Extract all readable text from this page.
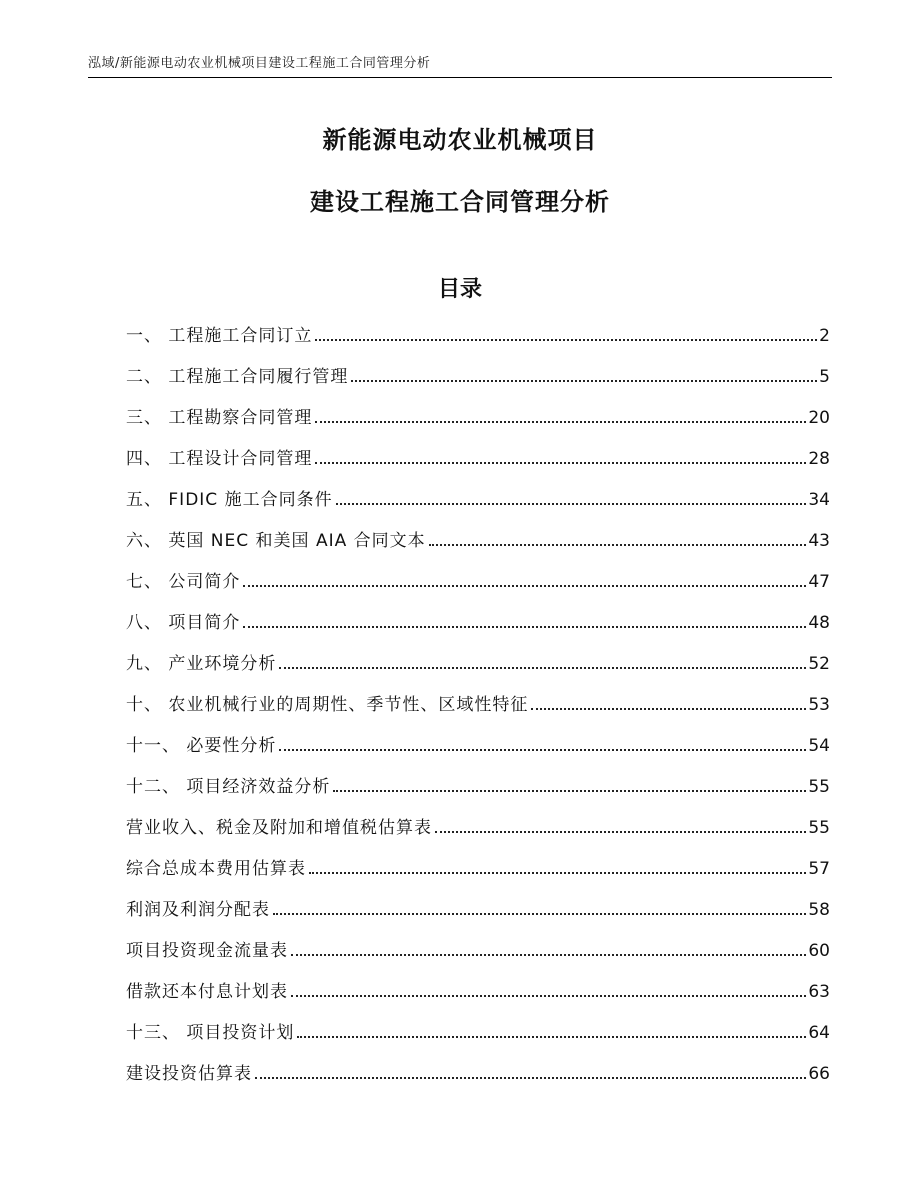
泓域/新能源电动农业机械项目建设工程施工合同管理分析
新能源电动农业机械项目
建设工程施工合同管理分析
目录
一、 工程施工合同订立	2
二、 工程施工合同履行管理	5
三、 工程勘察合同管理	20
四、 工程设计合同管理	28
五、 FIDIC 施工合同条件	34
六、 英国 NEC 和美国 AIA 合同文本	43
七、 公司简介	47
八、 项目简介	48
九、 产业环境分析	52
十、 农业机械行业的周期性、季节性、区域性特征	53
十一、 必要性分析	54
十二、 项目经济效益分析	55
营业收入、税金及附加和增值税估算表	55
综合总成本费用估算表	57
利润及利润分配表	58
项目投资现金流量表	60
借款还本付息计划表	63
十三、 项目投资计划	64
建设投资估算表	66
